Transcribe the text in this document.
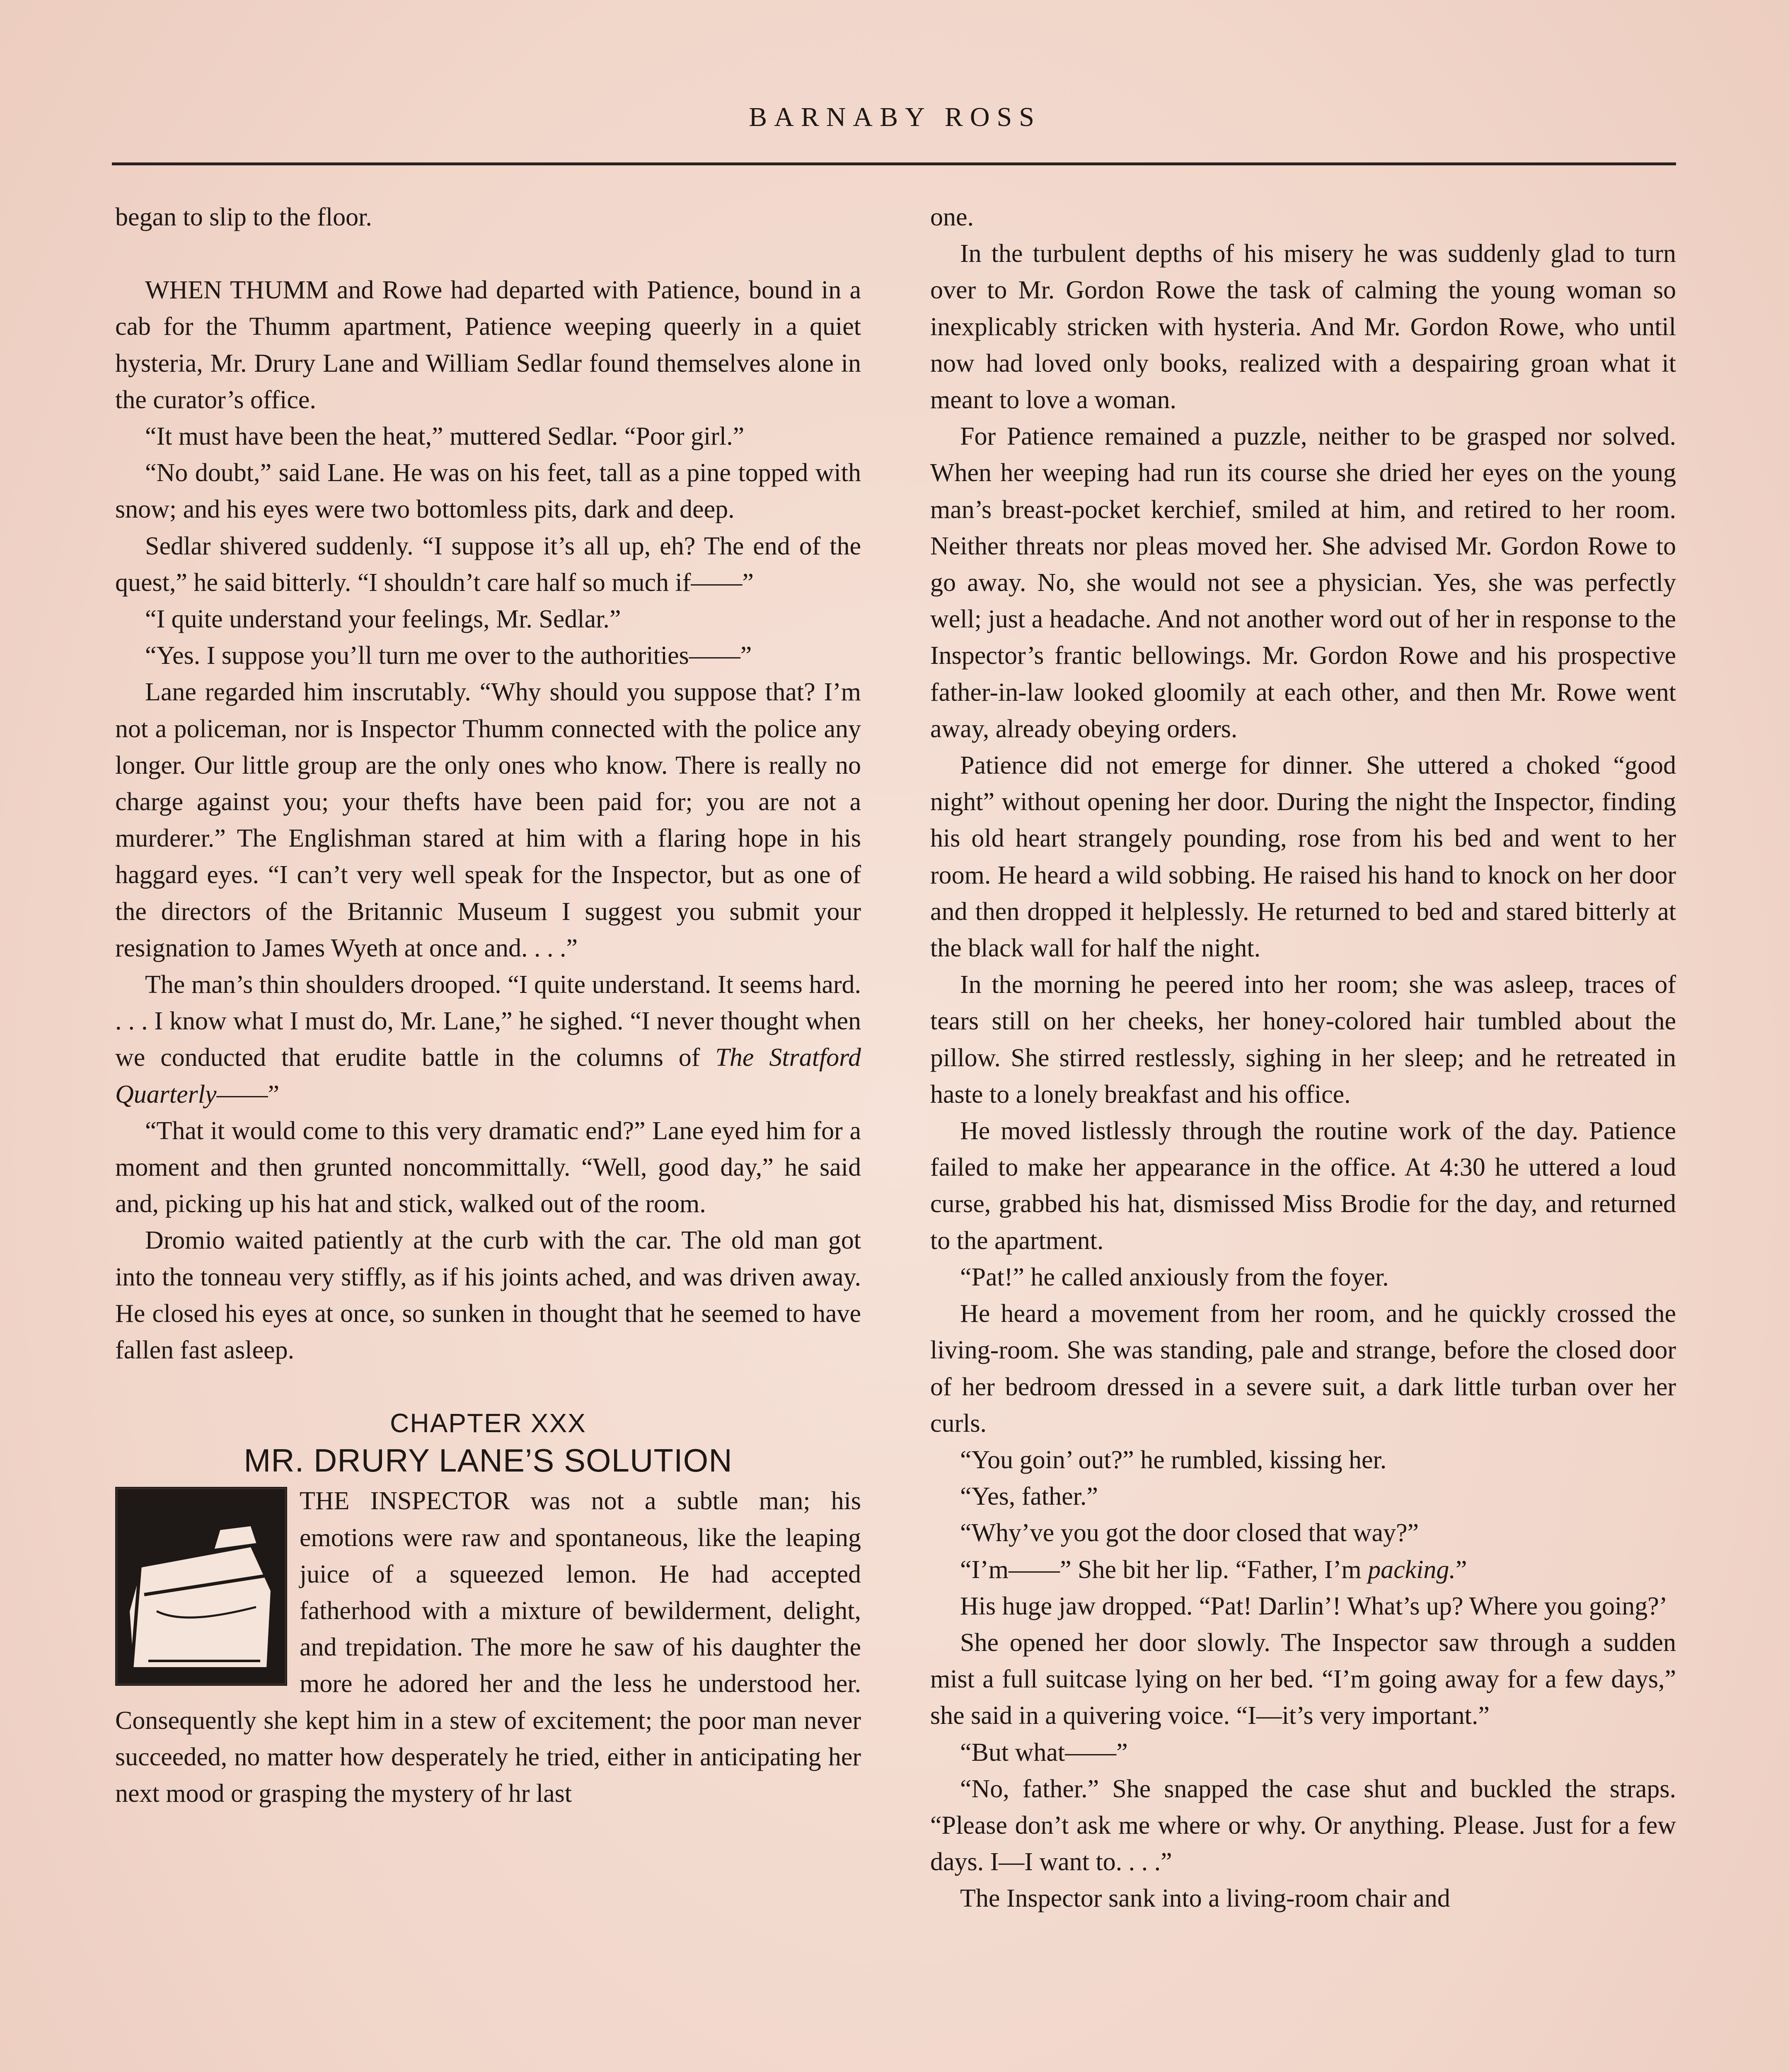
BARNABY ROSS

began to slip to the floor.

WHEN THUMM and Rowe had departed with Patience, bound in a cab for the Thumm apartment, Patience weeping queerly in a quiet hysteria, Mr. Drury Lane and William Sedlar found themselves alone in the curator’s office.

“It must have been the heat,” muttered Sedlar. “Poor girl.”

“No doubt,” said Lane. He was on his feet, tall as a pine topped with snow; and his eyes were two bottomless pits, dark and deep.

Sedlar shivered suddenly. “I suppose it’s all up, eh? The end of the quest,” he said bitterly. “I shouldn’t care half so much if——”

“I quite understand your feelings, Mr. Sedlar.”

“Yes. I suppose you’ll turn me over to the authorities——”

Lane regarded him inscrutably. “Why should you suppose that? I’m not a policeman, nor is Inspector Thumm connected with the police any longer. Our little group are the only ones who know. There is really no charge against you; your thefts have been paid for; you are not a murderer.” The Englishman stared at him with a flaring hope in his haggard eyes. “I can’t very well speak for the Inspector, but as one of the directors of the Britannic Museum I suggest you submit your resignation to James Wyeth at once and. . . .”

The man’s thin shoulders drooped. “I quite understand. It seems hard. . . . I know what I must do, Mr. Lane,” he sighed. “I never thought when we conducted that erudite battle in the columns of The Stratford Quarterly——”

“That it would come to this very dramatic end?” Lane eyed him for a moment and then grunted noncommittally. “Well, good day,” he said and, picking up his hat and stick, walked out of the room.

Dromio waited patiently at the curb with the car. The old man got into the tonneau very stiffly, as if his joints ached, and was driven away. He closed his eyes at once, so sunken in thought that he seemed to have fallen fast asleep.

CHAPTER XXX
MR. DRURY LANE’S SOLUTION

THE INSPECTOR was not a subtle man; his emotions were raw and spontaneous, like the leaping juice of a squeezed lemon. He had accepted fatherhood with a mixture of bewilderment, delight, and trepidation. The more he saw of his daughter the more he adored her and the less he understood her. Consequently she kept him in a stew of excitement; the poor man never succeeded, no matter how desperately he tried, either in anticipating her next mood or grasping the mystery of hr last

one.

In the turbulent depths of his misery he was suddenly glad to turn over to Mr. Gordon Rowe the task of calming the young woman so inexplicably stricken with hysteria. And Mr. Gordon Rowe, who until now had loved only books, realized with a despairing groan what it meant to love a woman.

For Patience remained a puzzle, neither to be grasped nor solved. When her weeping had run its course she dried her eyes on the young man’s breast-pocket kerchief, smiled at him, and retired to her room. Neither threats nor pleas moved her. She advised Mr. Gordon Rowe to go away. No, she would not see a physician. Yes, she was perfectly well; just a headache. And not another word out of her in response to the Inspector’s frantic bellowings. Mr. Gordon Rowe and his prospective father-in-law looked gloomily at each other, and then Mr. Rowe went away, already obeying orders.

Patience did not emerge for dinner. She uttered a choked “good night” without opening her door. During the night the Inspector, finding his old heart strangely pounding, rose from his bed and went to her room. He heard a wild sobbing. He raised his hand to knock on her door and then dropped it helplessly. He returned to bed and stared bitterly at the black wall for half the night.

In the morning he peered into her room; she was asleep, traces of tears still on her cheeks, her honey-colored hair tumbled about the pillow. She stirred restlessly, sighing in her sleep; and he retreated in haste to a lonely breakfast and his office.

He moved listlessly through the routine work of the day. Patience failed to make her appearance in the office. At 4:30 he uttered a loud curse, grabbed his hat, dismissed Miss Brodie for the day, and returned to the apartment.

“Pat!” he called anxiously from the foyer.

He heard a movement from her room, and he quickly crossed the living-room. She was standing, pale and strange, before the closed door of her bedroom dressed in a severe suit, a dark little turban over her curls.

“You goin’ out?” he rumbled, kissing her.

“Yes, father.”

“Why’ve you got the door closed that way?”

“I’m——” She bit her lip. “Father, I’m packing.”

His huge jaw dropped. “Pat! Darlin’! What’s up? Where you going?’

She opened her door slowly. The Inspector saw through a sudden mist a full suitcase lying on her bed. “I’m going away for a few days,” she said in a quivering voice. “I—it’s very important.”

“But what——”

“No, father.” She snapped the case shut and buckled the straps. “Please don’t ask me where or why. Or anything. Please. Just for a few days. I—I want to. . . .”

The Inspector sank into a living-room chair and
